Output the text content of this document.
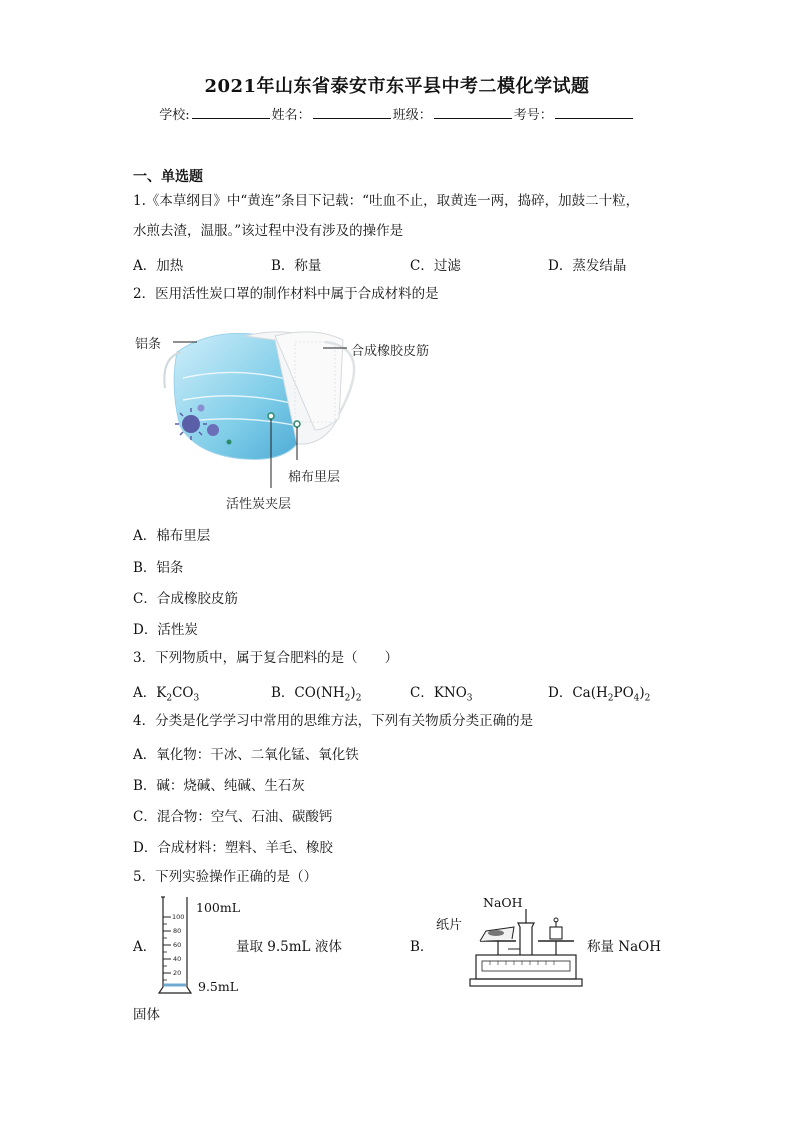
2021年山东省泰安市东平县中考二模化学试题
学校:	姓名：	班级：	考号：
一、单选题
1.《本草纲目》中“黄连”条目下记载：“吐血不止，取黄连一两，捣碎，加鼓二十粒，
水煎去渣，温服。”该过程中没有涉及的操作是
A．加热	B．称量	C．过滤	D．蒸发结晶
2．医用活性炭口罩的制作材料中属于合成材料的是
铝条	合成橡胶皮筋
棉布里层
活性炭夹层
A．棉布里层
B．铝条
C．合成橡胶皮筋
D．活性炭
3．下列物质中，属于复合肥料的是（　　）
A．$K_2CO_3$	B．$CO(NH_2)_2$	C．$KNO_3$	D．$Ca(H_2PO_4)_2$
4．分类是化学学习中常用的思维方法，下列有关物质分类正确的是
A．氧化物：干冰、二氧化锰、氧化铁
B．碱：烧碱、纯碱、生石灰
C．混合物：空气、石油、碳酸钙
D．合成材料：塑料、羊毛、橡胶
5．下列实验操作正确的是（）
A．
100
80
60
40
20
100mL
9.5mL
量取 9.5mL 液体
固体
B．
NaOH
纸片
称量 NaOH
